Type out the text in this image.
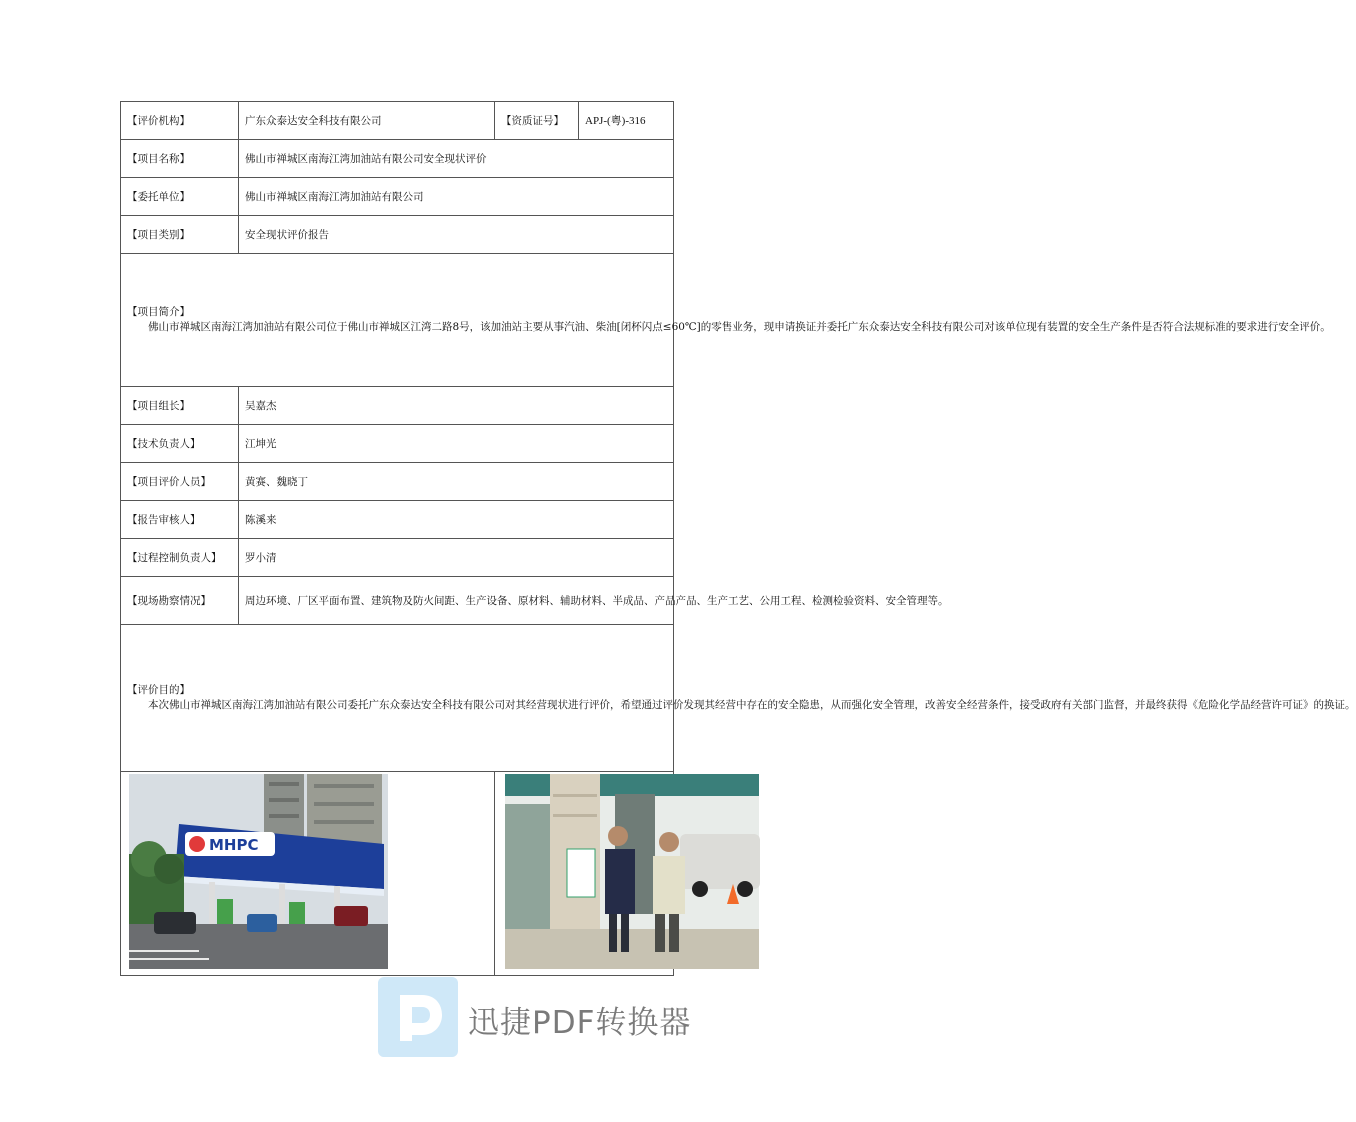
【评价机构】	广东众泰达安全科技有限公司	【资质证号】	APJ-(粤)-316
【项目名称】	佛山市禅城区南海江湾加油站有限公司安全现状评价		
【委托单位】	佛山市禅城区南海江湾加油站有限公司		
【项目类别】	安全现状评价报告		

【项目简介】
佛山市禅城区南海江湾加油站有限公司位于佛山市禅城区江湾二路8号，该加油站主要从事汽油、柴油[闭杯闪点≤60℃]的零售业务，现申请换证并委托广东众泰达安全科技有限公司对该单位现有装置的安全生产条件是否符合法规标准的要求进行安全评价。			

【项目组长】	吴嘉杰		
【技术负责人】	江坤光		
【项目评价人员】	黄赛、魏晓丁		
【报告审核人】	陈溪来		
【过程控制负责人】	罗小清		
【现场勘察情况】	周边环境、厂区平面布置、建筑物及防火间距、生产设备、原材料、辅助材料、半成品、产品产品、生产工艺、公用工程、检测检验资料、安全管理等。		

【评价目的】
本次佛山市禅城区南海江湾加油站有限公司委托广东众泰达安全科技有限公司对其经营现状进行评价，希望通过评价发现其经营中存在的安全隐患，从而强化安全管理，改善安全经营条件，接受政府有关部门监督，并最终获得《危险化学品经营许可证》的换证。			

MHPC

迅捷PDF转换器
